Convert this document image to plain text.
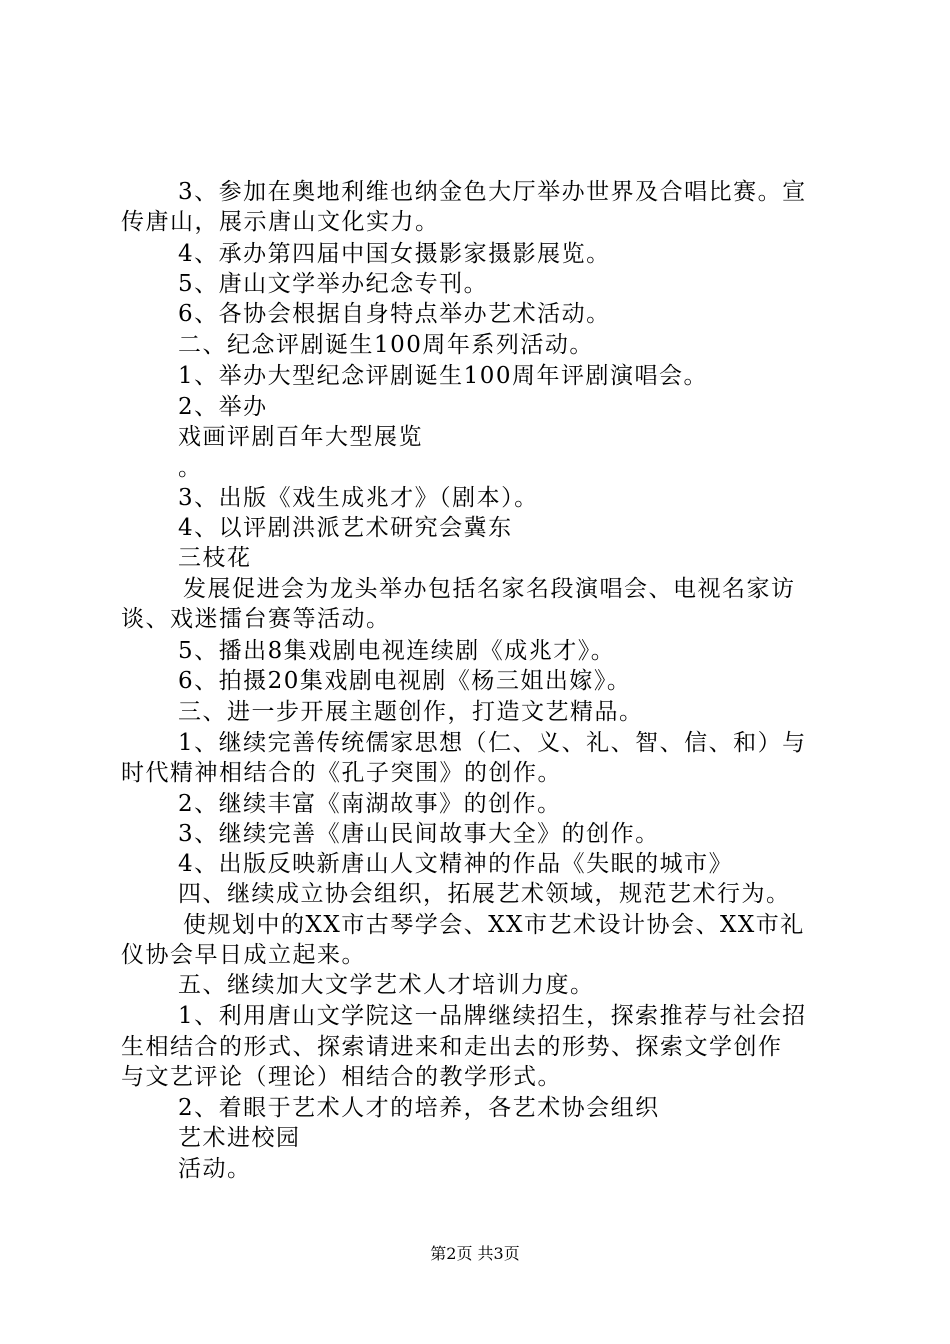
3、参加在奥地利维也纳金色大厅举办世界及合唱比赛。宣
传唐山，展示唐山文化实力。
4、承办第四届中国女摄影家摄影展览。
5、唐山文学举办纪念专刊。
6、各协会根据自身特点举办艺术活动。
二、纪念评剧诞生100周年系列活动。
1、举办大型纪念评剧诞生100周年评剧演唱会。
2、举办
戏画评剧百年大型展览
。
3、出版《戏生成兆才》（剧本）。
4、以评剧洪派艺术研究会冀东
三枝花
发展促进会为龙头举办包括名家名段演唱会、电视名家访
谈、戏迷擂台赛等活动。
5、播出8集戏剧电视连续剧《成兆才》。
6、拍摄20集戏剧电视剧《杨三姐出嫁》。
三、进一步开展主题创作，打造文艺精品。
1、继续完善传统儒家思想（仁、义、礼、智、信、和）与
时代精神相结合的《孔子突围》的创作。
2、继续丰富《南湖故事》的创作。
3、继续完善《唐山民间故事大全》的创作。
4、出版反映新唐山人文精神的作品《失眠的城市》
四、继续成立协会组织，拓展艺术领域，规范艺术行为。
使规划中的XX市古琴学会、XX市艺术设计协会、XX市礼
仪协会早日成立起来。
五、继续加大文学艺术人才培训力度。
1、利用唐山文学院这一品牌继续招生，探索推荐与社会招
生相结合的形式、探索请进来和走出去的形势、探索文学创作
与文艺评论（理论）相结合的教学形式。
2、着眼于艺术人才的培养，各艺术协会组织
艺术进校园
活动。
第2页 共3页
